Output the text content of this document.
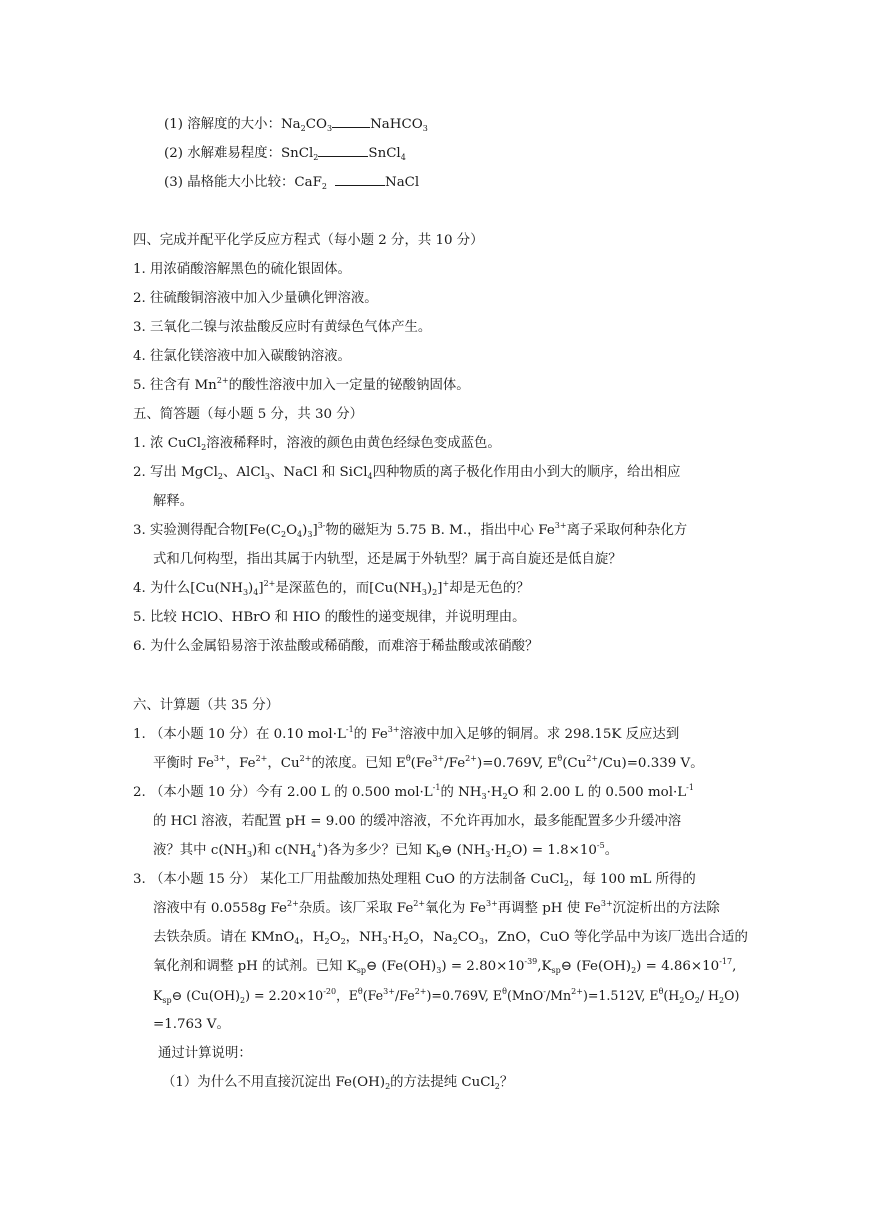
(1) 溶解度的大小：$Na_2CO_3$	NaHCO$_3$
(2) 水解难易程度：SnCl$_2$	SnCl$_4$
(3) 晶格能大小比较：CaF$_2$	NaCl
四、完成并配平化学反应方程式（每小题 2 分，共 10 分）
1. 用浓硝酸溶解黑色的硫化银固体。
2. 往硫酸铜溶液中加入少量碘化钾溶液。
3. 三氧化二镍与浓盐酸反应时有黄绿色气体产生。
4. 往氯化镁溶液中加入碳酸钠溶液。
5. 往含有 $Mn^{2+}$的酸性溶液中加入一定量的铋酸钠固体。
五、简答题（每小题 5 分，共 30 分）
1. 浓 CuCl$_2$溶液稀释时，溶液的颜色由黄色经绿色变成蓝色。
2. 写出 MgCl$_2$、AlCl$_3$、NaCl 和 SiCl$_4$四种物质的离子极化作用由小到大的顺序，给出相应
解释。
3. 实验测得配合物$[Fe(C_2O_4)_3]^{3-}$物的磁矩为 5.75 B. M.，指出中心 $Fe^{3+}$离子采取何种杂化方
式和几何构型，指出其属于内轨型，还是属于外轨型？属于高自旋还是低自旋？
4. 为什么$[Cu(NH_3)_4]^{2+}$是深蓝色的，而$[Cu(NH_3)_2]^+$却是无色的？
5. 比较 HClO、HBrO 和 HIO 的酸性的递变规律，并说明理由。
6. 为什么金属铅易溶于浓盐酸或稀硝酸，而难溶于稀盐酸或浓硝酸？
六、计算题（共 35 分）
1. （本小题 10 分）在 0.10 $mol\cdot L^{-1}$的 $Fe^{3+}$溶液中加入足够的铜屑。求 298.15K 反应达到
平衡时 $Fe^{3+}$，$Fe^{2+}$，$Cu^{2+}$的浓度。已知 $E^\theta(Fe^{3+}/Fe^{2+})=0.769V$, $E^\theta(Cu^{2+}/Cu)=0.339$ V。
2. （本小题 10 分）今有 2.00 L 的 0.500 $mol\cdot L^{-1}$的 $NH_3\cdot H_2O$ 和 2.00 L 的 0.500 $mol\cdot L^{-1}$
的 HCl 溶液，若配置 pH = 9.00 的缓冲溶液，不允许再加水，最多能配置多少升缓冲溶
液？其中 $c(NH_3)$和 $c(NH_4^+)$各为多少？已知 $K_b⊖$ $(NH_3\cdot H_2O) = 1.8\times 10^{-5}$。
3. （本小题 15 分） 某化工厂用盐酸加热处理粗 CuO 的方法制备 CuCl$_2$，每 100 mL 所得的
溶液中有 0.0558g $Fe^{2+}$杂质。该厂采取 $Fe^{2+}$氧化为 $Fe^{3+}$再调整 pH 使 $Fe^{3+}$沉淀析出的方法除
去铁杂质。请在 KMnO$_4$，$H_2O_2$，$NH_3\cdot H_2O$，$Na_2CO_3$，ZnO，CuO 等化学品中为该厂选出合适的
氧化剂和调整 pH 的试剂。已知 $K_{sp}⊖$ $(Fe(OH)_3)$ = $2.80\times 10^{-39},K_{sp}⊖$ $(Fe(OH)_2) = 4.86\times 10^{-17}$,
$K_{sp}⊖$ $(Cu(OH)_2) = 2.20\times 10^{-20}$，$E^\theta(Fe^{3+}/Fe^{2+})=0.769V$, $E^\theta(MnO^-/Mn^{2+})=1.512V$, $E^\theta(H_2O_2/$ $H_2O$)
=1.763 V。
通过计算说明：
（1）为什么不用直接沉淀出 $Fe(OH)_2$的方法提纯 CuCl$_2$？
